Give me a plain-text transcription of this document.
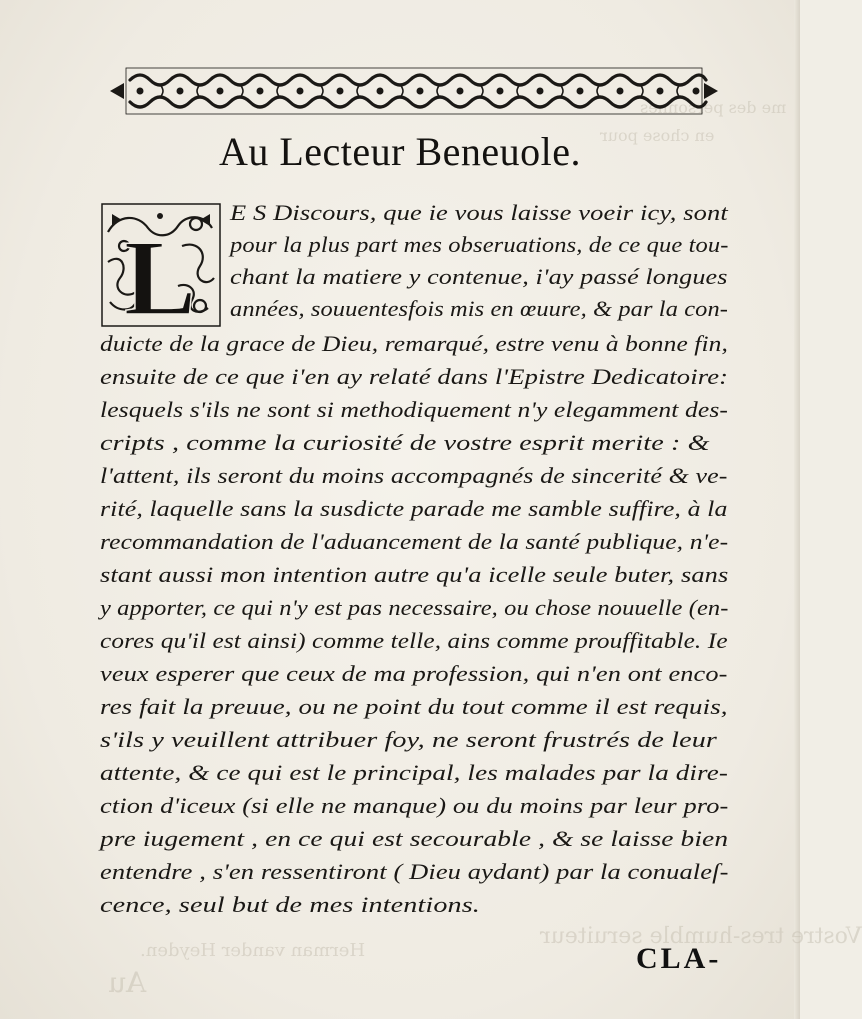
me des personnes
en chose pour
Vostre tres-humble seruiteur
Herman vander Heyden.
Au
Au Lecteur Beneuole.
L
E S Discours, que ie vous laisse voeir icy, sont
pour la plus part mes obseruations, de ce que tou-
chant la matiere y contenue, i'ay passé longues
années, souuentesfois mis en œuure, & par la con-
duicte de la grace de Dieu, remarqué, estre venu à bonne fin,
ensuite de ce que i'en ay relaté dans l'Epistre Dedicatoire:
lesquels s'ils ne sont si methodiquement n'y elegamment des-
cripts , comme la curiosité de vostre esprit merite : &
l'attent, ils seront du moins accompagnés de sincerité & ve-
rité, laquelle sans la susdicte parade me samble suffire, à la
recommandation de l'aduancement de la santé publique, n'e-
stant aussi mon intention autre qu'a icelle seule buter, sans
y apporter, ce qui n'y est pas necessaire, ou chose nouuelle (en-
cores qu'il est ainsi) comme telle, ains comme prouffitable. Ie
veux esperer que ceux de ma profession, qui n'en ont enco-
res fait la preuue, ou ne point du tout comme il est requis,
s'ils y veuillent attribuer foy, ne seront frustrés de leur
attente, & ce qui est le principal, les malades par la dire-
ction d'iceux (si elle ne manque) ou du moins par leur pro-
pre iugement , en ce qui est secourable , & se laisse bien
entendre , s'en ressentiront ( Dieu aydant) par la conualeſ-
cence, seul but de mes intentions.
CLA-
